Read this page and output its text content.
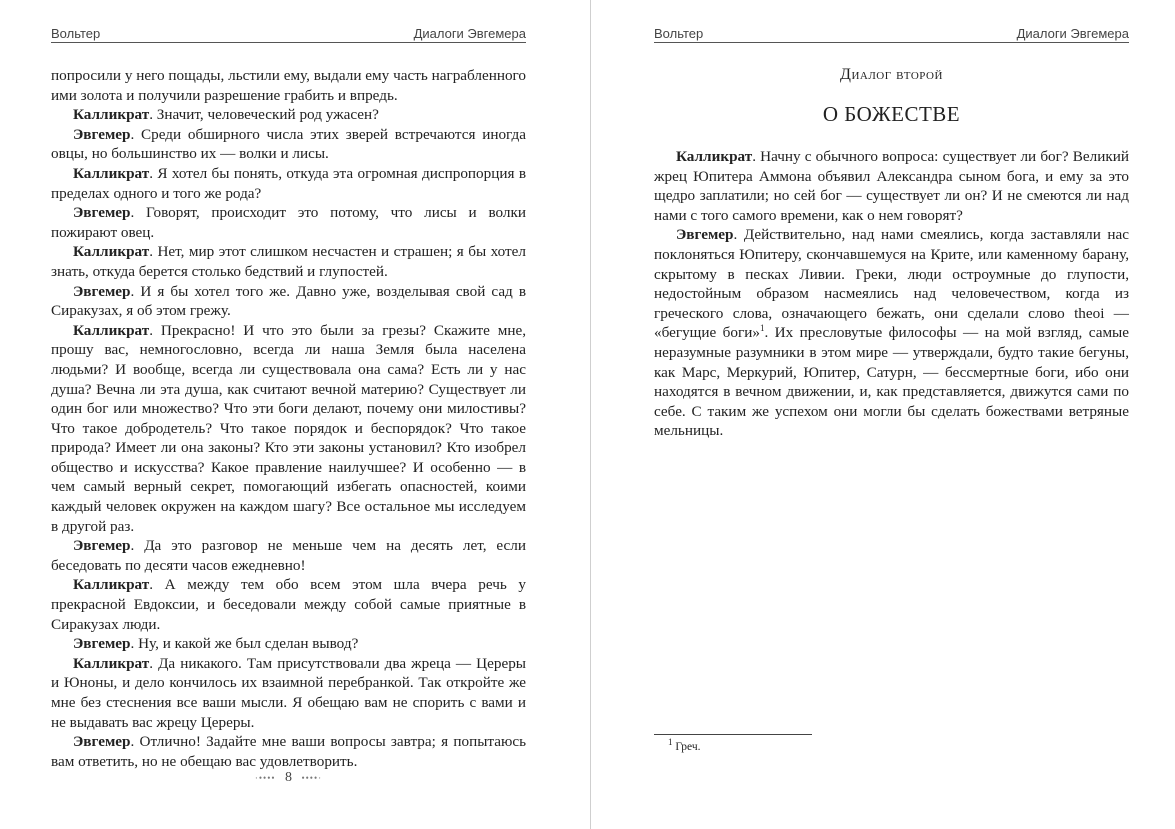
Вольтер	Диалоги Эвгемера

попросили у него пощады, льстили ему, выдали ему часть награбленного ими золота и получили разрешение грабить и впредь.

Калликрат. Значит, человеческий род ужасен?

Эвгемер. Среди обширного числа этих зверей встречаются иногда овцы, но большинство их — волки и лисы.

Калликрат. Я хотел бы понять, откуда эта огромная диспропорция в пределах одного и того же рода?

Эвгемер. Говорят, происходит это потому, что лисы и волки пожирают овец.

Калликрат. Нет, мир этот слишком несчастен и страшен; я бы хотел знать, откуда берется столько бедствий и глупостей.

Эвгемер. И я бы хотел того же. Давно уже, возделывая свой сад в Сиракузах, я об этом грежу.

Калликрат. Прекрасно! И что это были за грезы? Скажите мне, прошу вас, немногословно, всегда ли наша Земля была населена людьми? И вообще, всегда ли существовала она сама? Есть ли у нас душа? Вечна ли эта душа, как считают вечной материю? Существует ли один бог или множество? Что эти боги делают, почему они милостивы? Что такое добродетель? Что такое порядок и беспорядок? Что такое природа? Имеет ли она законы? Кто эти законы установил? Кто изобрел общество и искусства? Какое правление наилучшее? И особенно — в чем самый верный секрет, помогающий избегать опасностей, коими каждый человек окружен на каждом шагу? Все остальное мы исследуем в другой раз.

Эвгемер. Да это разговор не меньше чем на десять лет, если беседовать по десяти часов ежедневно!

Калликрат. А между тем обо всем этом шла вчера речь у прекрасной Евдоксии, и беседовали между собой самые приятные в Сиракузах люди.

Эвгемер. Ну, и какой же был сделан вывод?

Калликрат. Да никакого. Там присутствовали два жреца — Цереры и Юноны, и дело кончилось их взаимной перебранкой. Так откройте же мне без стеснения все ваши мысли. Я обещаю вам не спорить с вами и не выдавать вас жрецу Цереры.

Эвгемер. Отлично! Задайте мне ваши вопросы завтра; я попытаюсь вам ответить, но не обещаю вас удовлетворить.

·•••• 8 ••••·
Вольтер	Диалоги Эвгемера
Диалог второй
О БОЖЕСТВЕ

Калликрат. Начну с обычного вопроса: существует ли бог? Великий жрец Юпитера Аммона объявил Александра сыном бога, и ему за это щедро заплатили; но сей бог — существует ли он? И не смеются ли над нами с того самого времени, как о нем говорят?

Эвгемер. Действительно, над нами смеялись, когда заставляли нас поклоняться Юпитеру, скончавшемуся на Крите, или каменному барану, скрытому в песках Ливии. Греки, люди остроумные до глупости, недостойным образом насмеялись над человечеством, когда из греческого слова, означающего бежать, они сделали слово theoi — «бегущие боги»$^1$. Их пресловутые философы — на мой взгляд, самые неразумные разумники в этом мире — утверждали, будто такие бегуны, как Марс, Меркурий, Юпитер, Сатурн, — бессмертные боги, ибо они находятся в вечном движении, и, как представляется, движутся сами по себе. С таким же успехом они могли бы сделать божествами ветряные мельницы.

$^1$ Греч.
